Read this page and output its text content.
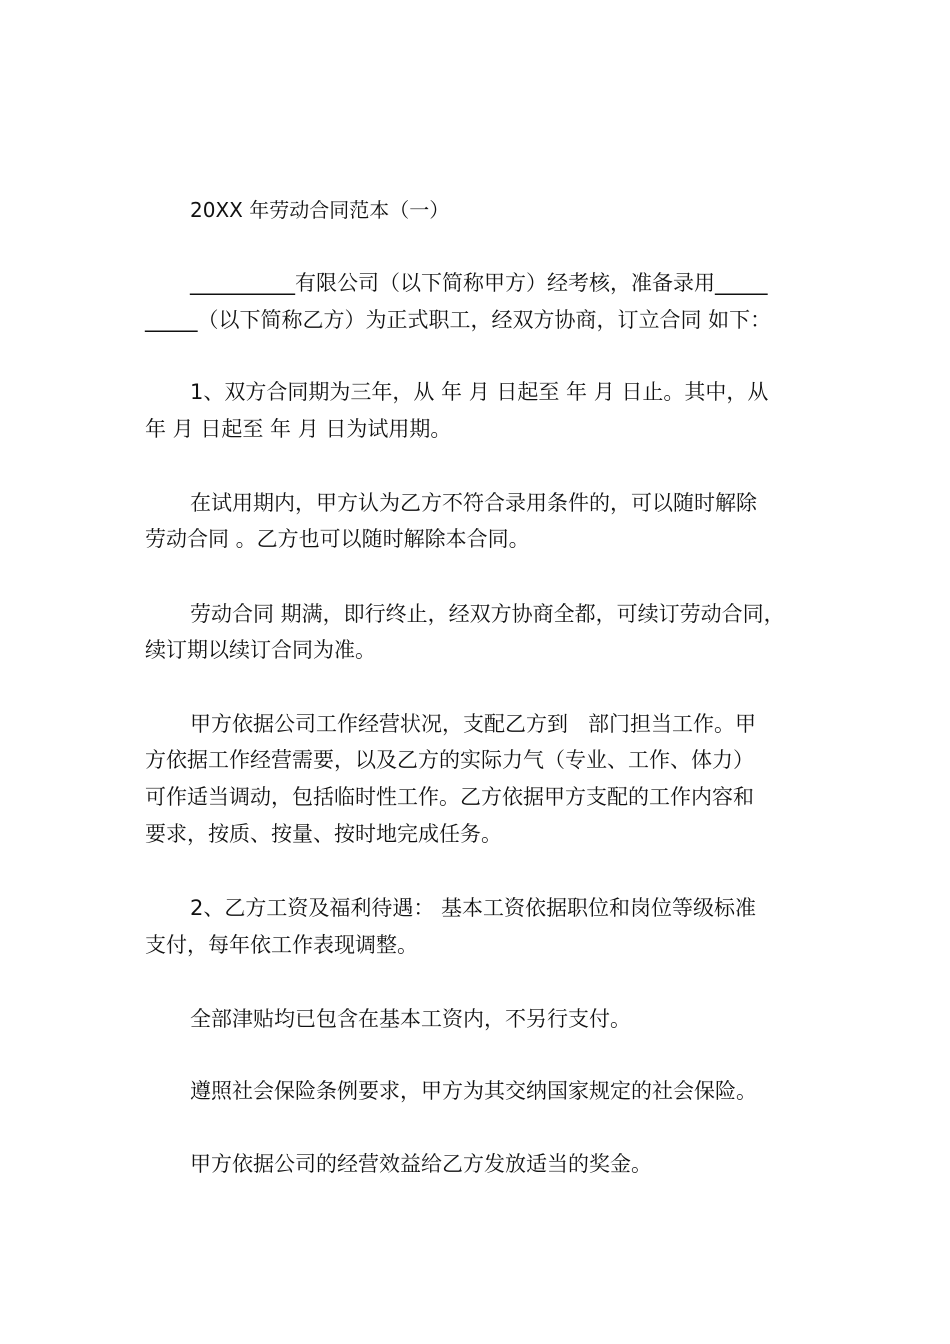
20XX 年劳动合同范本（一）
__________有限公司（以下简称甲方）经考核，准备录用_____
_____（以下简称乙方）为正式职工，经双方协商，订立合同 如下：
1、双方合同期为三年，从 年 月 日起至 年 月 日止。其中，从
年 月 日起至 年 月 日为试用期。
在试用期内，甲方认为乙方不符合录用条件的，可以随时解除
劳动合同 。乙方也可以随时解除本合同。
劳动合同 期满，即行终止，经双方协商全都，可续订劳动合同，
续订期以续订合同为准。
甲方依据公司工作经营状况，支配乙方到   部门担当工作。甲
方依据工作经营需要，以及乙方的实际力气（专业、工作、体力）
可作适当调动，包括临时性工作。乙方依据甲方支配的工作内容和
要求，按质、按量、按时地完成任务。
2、乙方工资及福利待遇： 基本工资依据职位和岗位等级标准
支付，每年依工作表现调整。
全部津贴均已包含在基本工资内，不另行支付。
遵照社会保险条例要求，甲方为其交纳国家规定的社会保险。
甲方依据公司的经营效益给乙方发放适当的奖金。
